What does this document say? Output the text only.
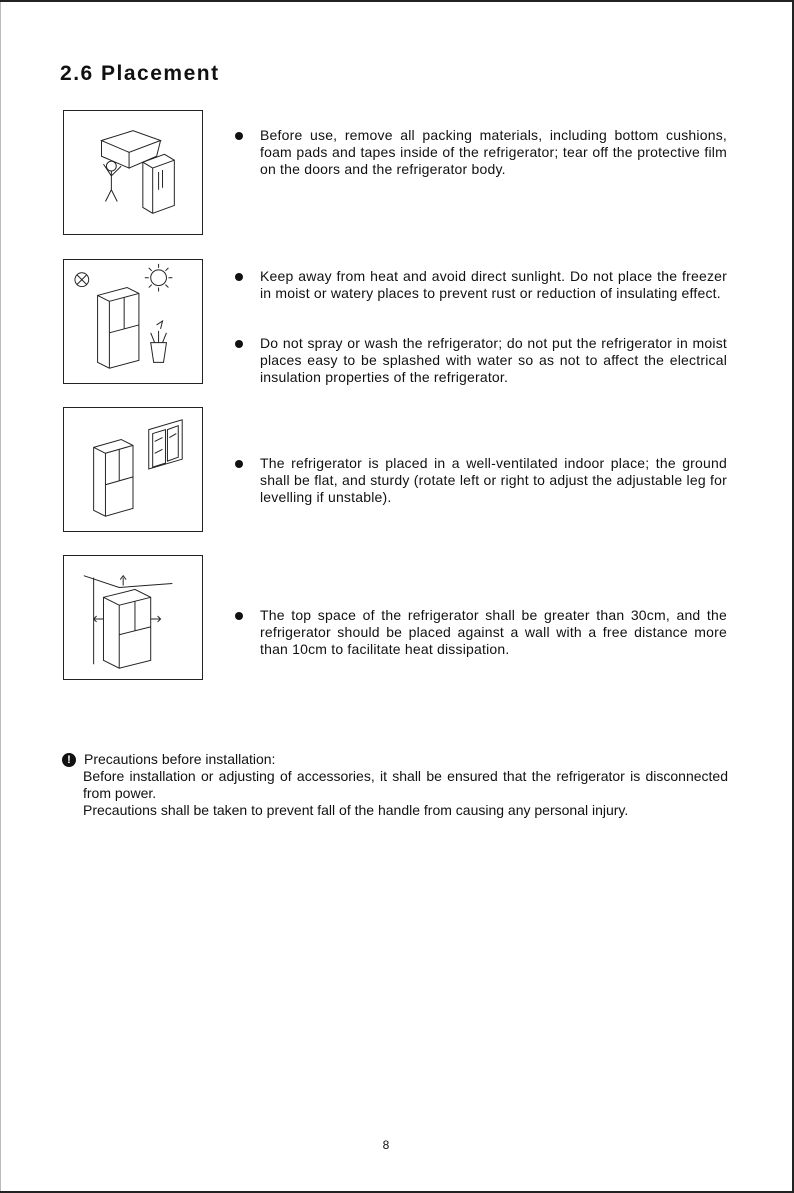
2.6 Placement
Before use, remove all packing materials, including bottom cushions, foam pads and tapes inside of the refrigerator; tear off the protective film on the doors and the refrigerator body.
Keep away from heat and avoid direct sunlight. Do not place the freezer in moist or watery places to prevent rust or reduction of insulating effect.
Do not spray or wash the refrigerator; do not put the refrigerator in moist places easy to be splashed with water so as not to affect the electrical insulation properties of the refrigerator.
The refrigerator is placed in a well-ventilated indoor place; the ground shall be flat, and sturdy (rotate left or right to adjust the adjustable leg for levelling if unstable).
The top space of the refrigerator shall be greater than 30cm, and the refrigerator should be placed against a wall with a free distance more than 10cm to facilitate heat dissipation.
! Precautions before installation:
Before installation or adjusting of accessories, it shall be ensured that the refrigerator is disconnected from power.
Precautions shall be taken to prevent fall of the handle from causing any personal injury.
8
